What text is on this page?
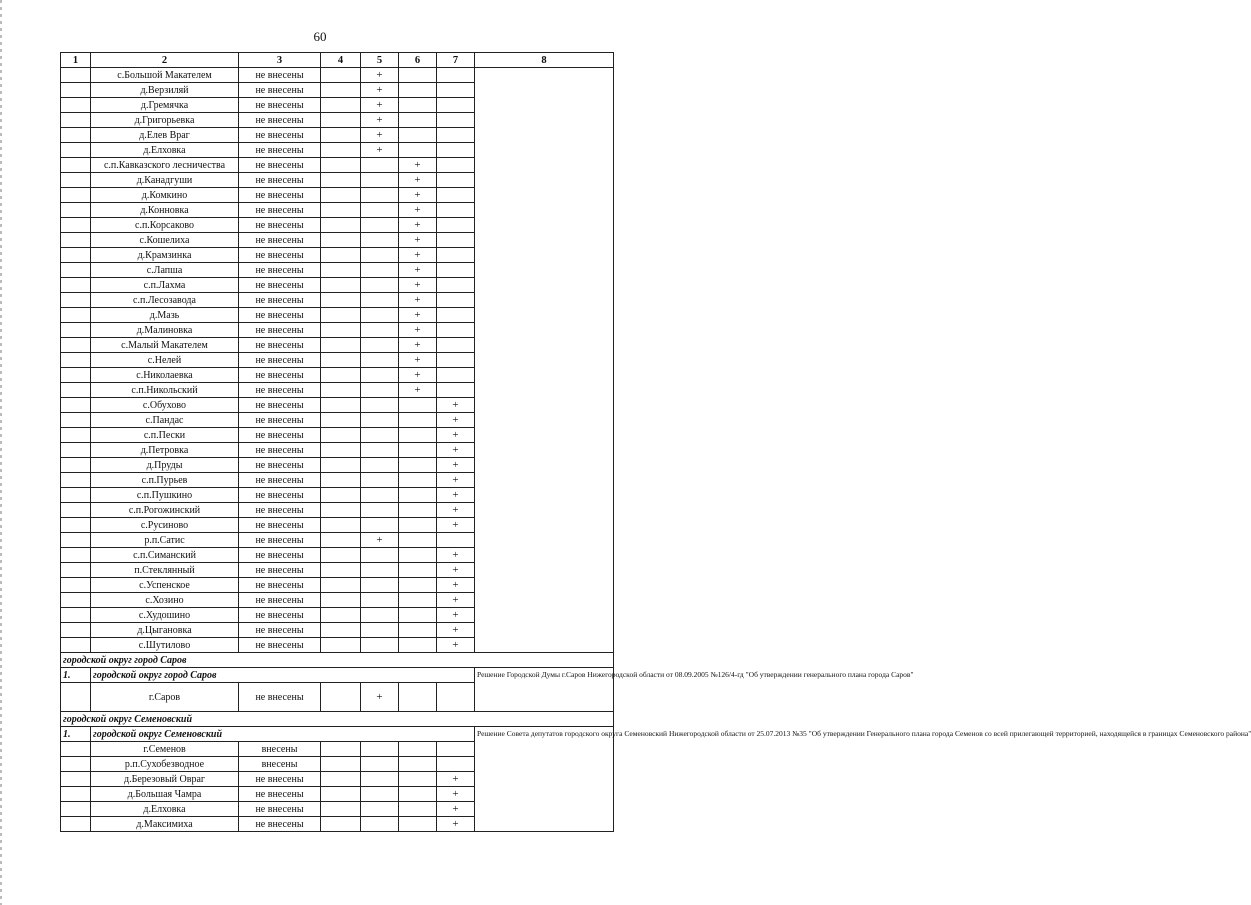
60
1	2	3	4	5	6	7	8
	с.Большой Макателем	не внесены		+			
	д.Верзиляй	не внесены		+			
	д.Гремячка	не внесены		+			
	д.Григорьевка	не внесены		+			
	д.Елев Враг	не внесены		+			
	д.Елховка	не внесены		+			
	с.п.Кавказского лесничества	не внесены			+		
	д.Канадгуши	не внесены			+		
	д.Комкино	не внесены			+		
	д.Конновка	не внесены			+		
	с.п.Корсаково	не внесены			+		
	с.Кошелиха	не внесены			+		
	д.Крамзинка	не внесены			+		
	с.Лапша	не внесены			+		
	с.п.Лахма	не внесены			+		
	с.п.Лесозавода	не внесены			+		
	д.Мазь	не внесены			+		
	д.Малиновка	не внесены			+		
	с.Малый Макателем	не внесены			+		
	с.Нелей	не внесены			+		
	с.Николаевка	не внесены			+		
	с.п.Никольский	не внесены			+		
	с.Обухово	не внесены				+	
	с.Пандас	не внесены				+	
	с.п.Пески	не внесены				+	
	д.Петровка	не внесены				+	
	д.Пруды	не внесены				+	
	с.п.Пурьев	не внесены				+	
	с.п.Пушкино	не внесены				+	
	с.п.Рогожинский	не внесены				+	
	с.Русиново	не внесены				+	
	р.п.Сатис	не внесены		+			
	с.п.Симанский	не внесены				+	
	п.Стеклянный	не внесены				+	
	с.Успенское	не внесены				+	
	с.Хозино	не внесены				+	
	с.Худошино	не внесены				+	
	д.Цыгановка	не внесены				+	
	с.Шутилово	не внесены				+	
городской округ город Саров							
1.	городской округ город Саров						Решение Городской Думы г.Саров Нижегородской области от 08.09.2005 №126/4-гд "Об утверждении генерального плана города Саров"
	г.Саров	не внесены		+			
городской округ Семеновский							
1.	городской округ Семеновский						Решение Совета депутатов городского округа Семеновский Нижегородской области от 25.07.2013 №35 "Об утверждении Генерального плана города Семенов со всей прилегающей территорией, находящейся в границах Семеновского района"
	г.Семенов	внесены					
	р.п.Сухобезводное	внесены					
	д.Березовый Овраг	не внесены				+	
	д.Большая Чамра	не внесены				+	
	д.Елховка	не внесены				+	
	д.Максимиха	не внесены				+	
